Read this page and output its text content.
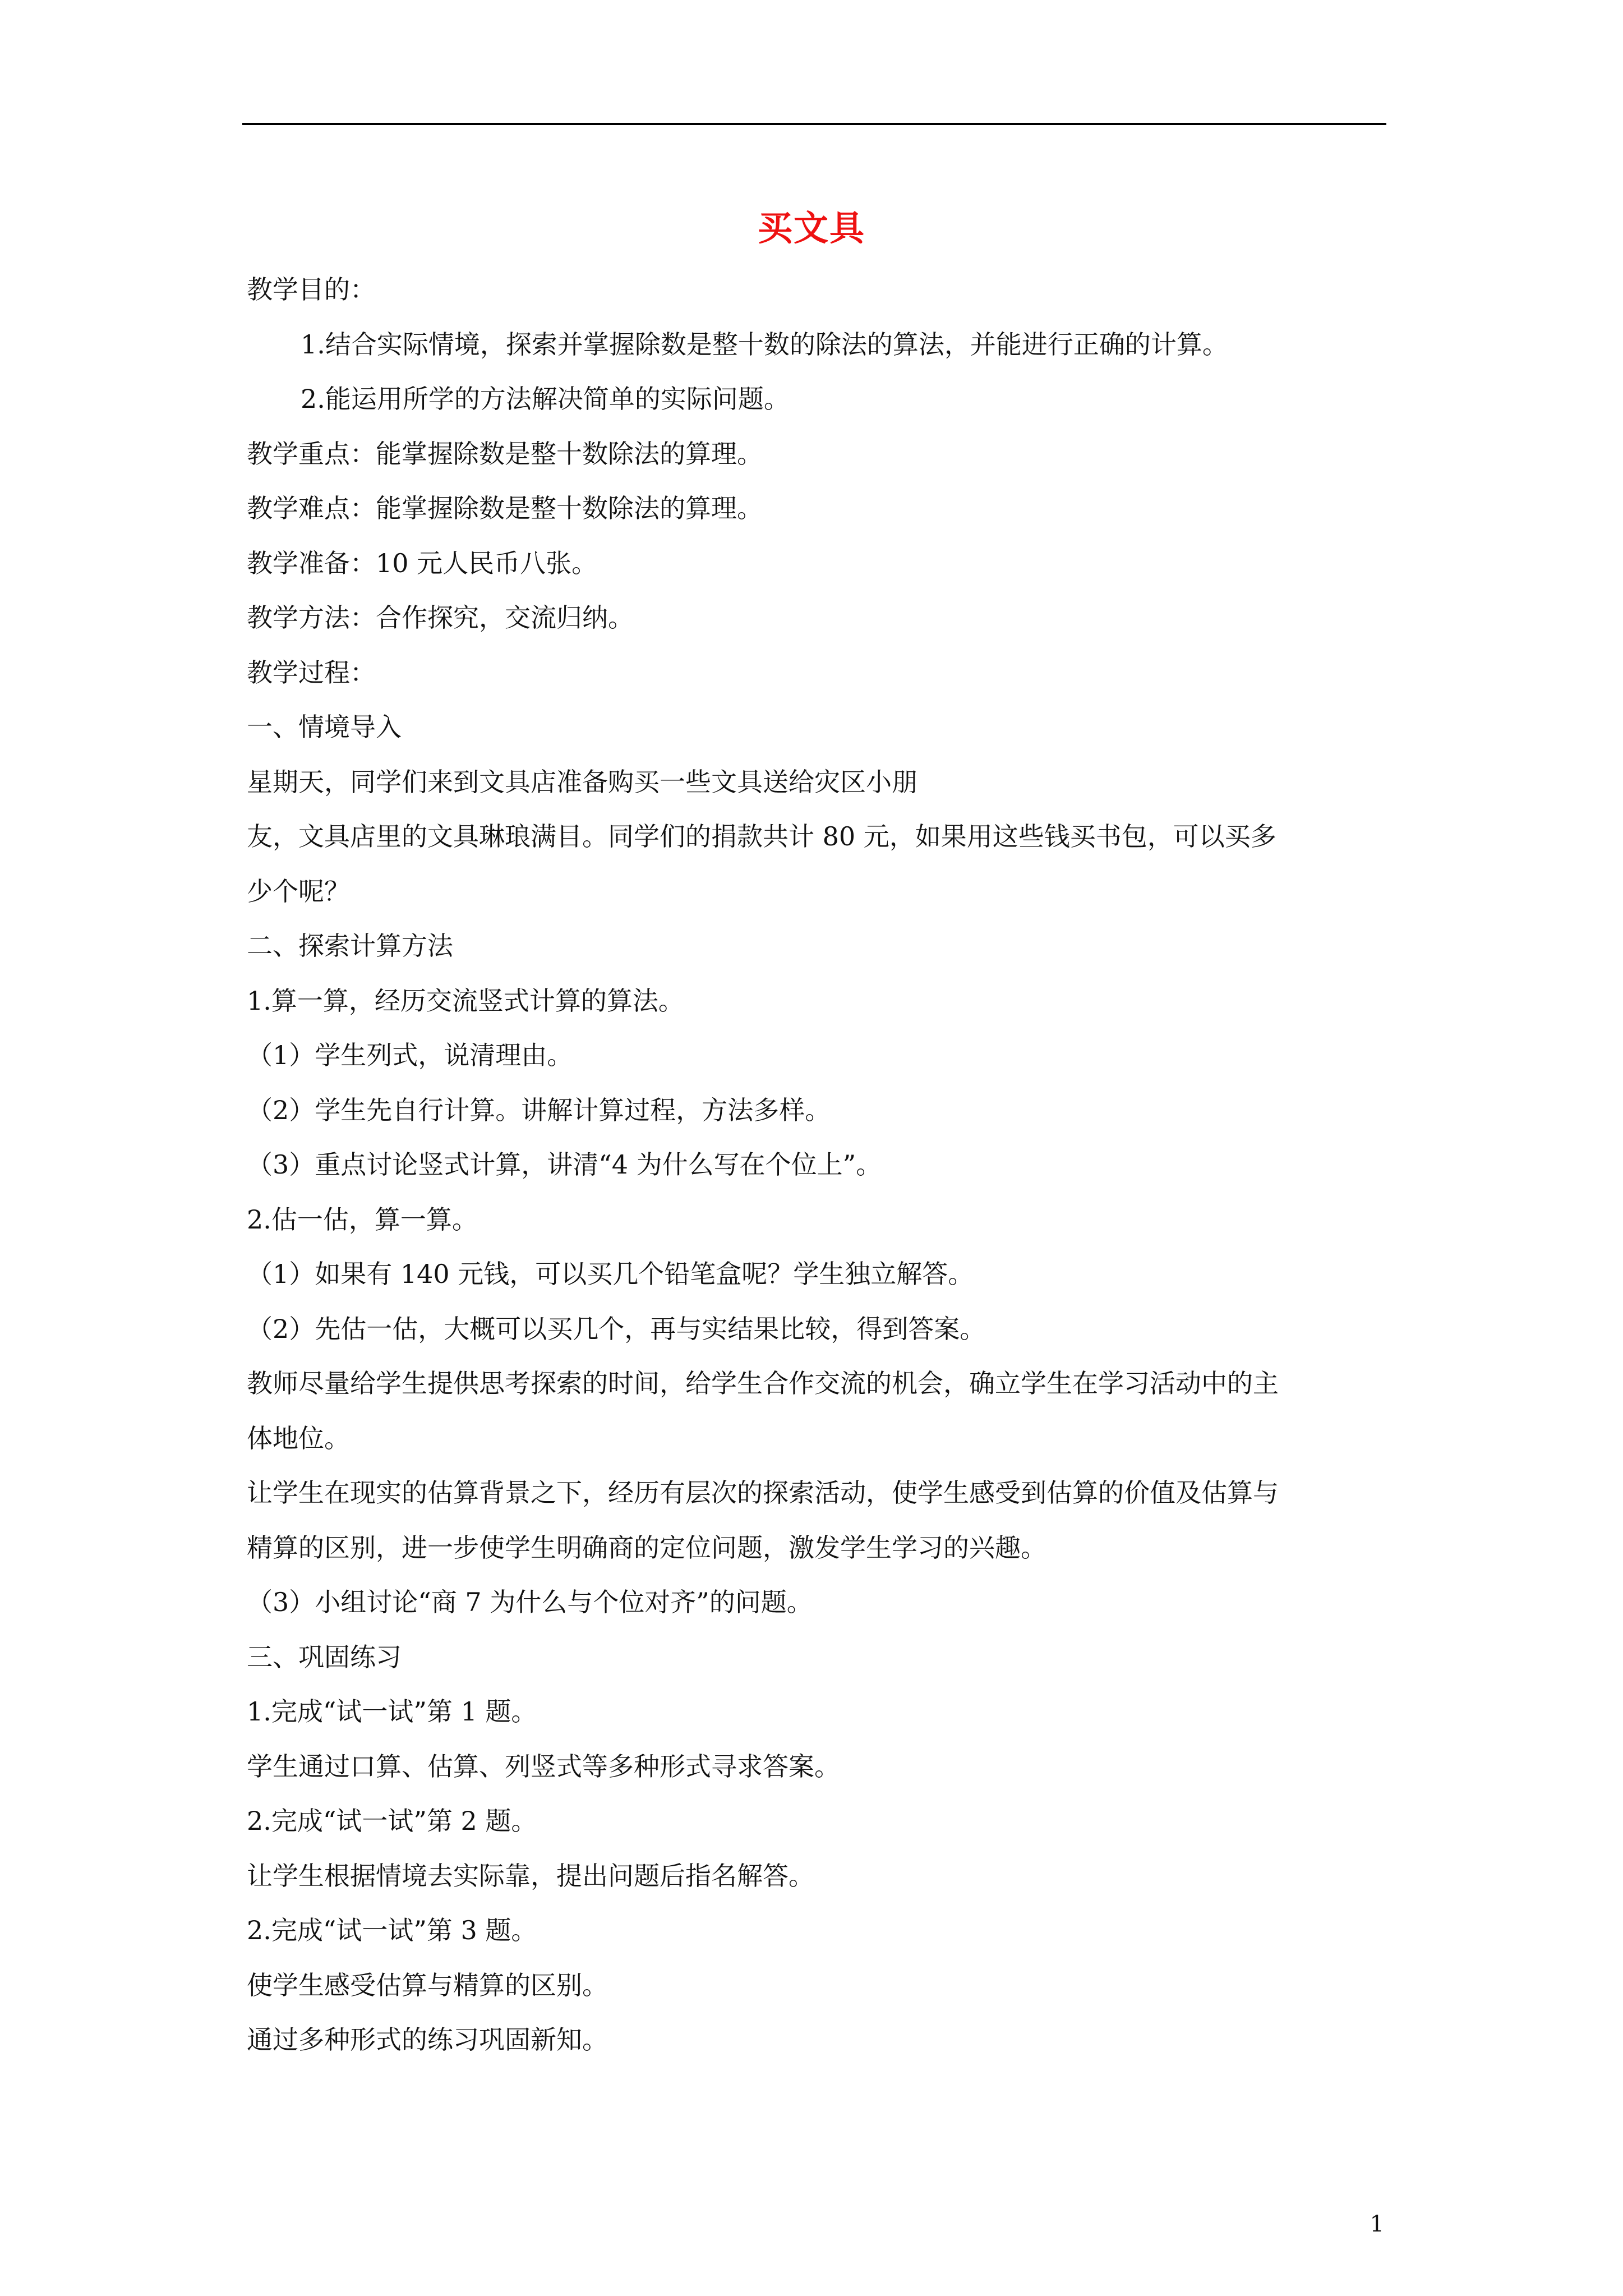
买文具
教学目的：
1.结合实际情境，探索并掌握除数是整十数的除法的算法，并能进行正确的计算。
2.能运用所学的方法解决简单的实际问题。
教学重点：能掌握除数是整十数除法的算理。
教学难点：能掌握除数是整十数除法的算理。
教学准备：10 元人民币八张。
教学方法：合作探究，交流归纳。
教学过程：
一、情境导入
星期天，同学们来到文具店准备购买一些文具送给灾区小朋
友，文具店里的文具琳琅满目。同学们的捐款共计 80 元，如果用这些钱买书包，可以买多
少个呢？
二、探索计算方法
1.算一算，经历交流竖式计算的算法。
（1）学生列式，说清理由。
（2）学生先自行计算。讲解计算过程，方法多样。
（3）重点讨论竖式计算，讲清“4 为什么写在个位上”。
2.估一估，算一算。
（1）如果有 140 元钱，可以买几个铅笔盒呢？学生独立解答。
（2）先估一估，大概可以买几个，再与实结果比较，得到答案。
教师尽量给学生提供思考探索的时间，给学生合作交流的机会，确立学生在学习活动中的主
体地位。
让学生在现实的估算背景之下，经历有层次的探索活动，使学生感受到估算的价值及估算与
精算的区别，进一步使学生明确商的定位问题，激发学生学习的兴趣。
（3）小组讨论“商 7 为什么与个位对齐”的问题。
三、巩固练习
1.完成“试一试”第 1 题。
学生通过口算、估算、列竖式等多种形式寻求答案。
2.完成“试一试”第 2 题。
让学生根据情境去实际靠，提出问题后指名解答。
2.完成“试一试”第 3 题。
使学生感受估算与精算的区别。
通过多种形式的练习巩固新知。
1
